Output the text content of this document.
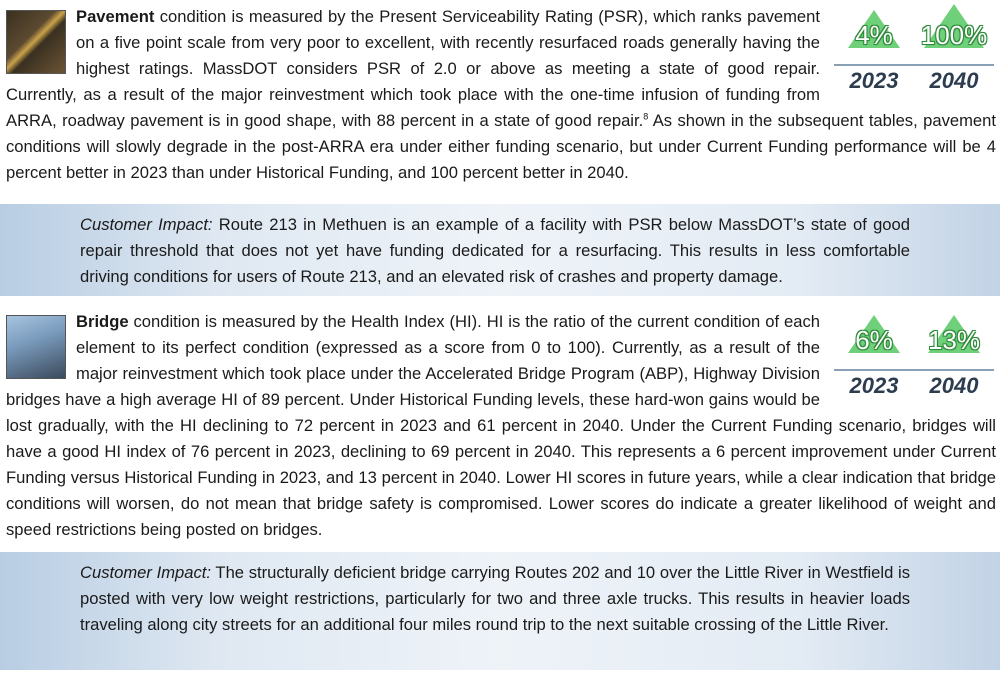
4%
2023
100%
2040

Pavement condition is measured by the Present Serviceability Rating (PSR), which ranks pavement on a five point scale from very poor to excellent, with recently resurfaced roads generally having the highest ratings. MassDOT considers PSR of 2.0 or above as meeting a state of good repair. Currently, as a result of the major reinvestment which took place with the one-time infusion of funding from ARRA, roadway pavement is in good shape, with 88 percent in a state of good repair.$^8$ As shown in the subsequent tables, pavement conditions will slowly degrade in the post-ARRA era under either funding scenario, but under Current Funding performance will be 4 percent better in 2023 than under Historical Funding, and 100 percent better in 2040.

Customer Impact: Route 213 in Methuen is an example of a facility with PSR below MassDOT’s state of good repair threshold that does not yet have funding dedicated for a resurfacing. This results in less comfortable driving conditions for users of Route 213, and an elevated risk of crashes and property damage.

6%
2023
13%
2040

Bridge condition is measured by the Health Index (HI). HI is the ratio of the current condition of each element to its perfect condition (expressed as a score from 0 to 100). Currently, as a result of the major reinvestment which took place under the Accelerated Bridge Program (ABP), Highway Division bridges have a high average HI of 89 percent. Under Historical Funding levels, these hard-won gains would be lost gradually, with the HI declining to 72 percent in 2023 and 61 percent in 2040. Under the Current Funding scenario, bridges will have a good HI index of 76 percent in 2023, declining to 69 percent in 2040. This represents a 6 percent improvement under Current Funding versus Historical Funding in 2023, and 13 percent in 2040. Lower HI scores in future years, while a clear indication that bridge conditions will worsen, do not mean that bridge safety is compromised. Lower scores do indicate a greater likelihood of weight and speed restrictions being posted on bridges.

Customer Impact: The structurally deficient bridge carrying Routes 202 and 10 over the Little River in Westfield is posted with very low weight restrictions, particularly for two and three axle trucks. This results in heavier loads traveling along city streets for an additional four miles round trip to the next suitable crossing of the Little River.
